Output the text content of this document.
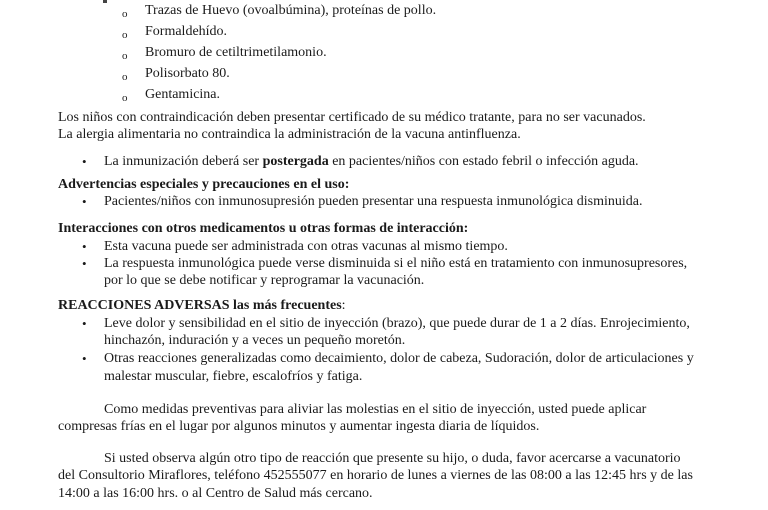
o Trazas de Huevo (ovoalbúmina), proteínas de pollo.
o Formaldehído.
o Bromuro de cetiltrimetilamonio.
o Polisorbato 80.
o Gentamicina.
Los niños con contraindicación deben presentar certificado de su médico tratante, para no ser vacunados.
La alergia alimentaria no contraindica la administración de la vacuna antinfluenza.
• La inmunización deberá ser postergada en pacientes/niños con estado febril o infección aguda.
Advertencias especiales y precauciones en el uso:
• Pacientes/niños con inmunosupresión pueden presentar una respuesta inmunológica disminuida.
Interacciones con otros medicamentos u otras formas de interacción:
• Esta vacuna puede ser administrada con otras vacunas al mismo tiempo.
• La respuesta inmunológica puede verse disminuida si el niño está en tratamiento con inmunosupresores,
por lo que se debe notificar y reprogramar la vacunación.
REACCIONES ADVERSAS las más frecuentes:
• Leve dolor y sensibilidad en el sitio de inyección (brazo), que puede durar de 1 a 2 días. Enrojecimiento,
hinchazón, induración y a veces un pequeño moretón.
• Otras reacciones generalizadas como decaimiento, dolor de cabeza, Sudoración, dolor de articulaciones y
malestar muscular, fiebre, escalofríos y fatiga.
Como medidas preventivas para aliviar las molestias en el sitio de inyección, usted puede aplicar
compresas frías en el lugar por algunos minutos y aumentar ingesta diaria de líquidos.
Si usted observa algún otro tipo de reacción que presente su hijo, o duda, favor acercarse a vacunatorio
del Consultorio Miraflores, teléfono 452555077 en horario de lunes a viernes de las 08:00 a las 12:45 hrs y de las
14:00 a las 16:00 hrs. o al Centro de Salud más cercano.
